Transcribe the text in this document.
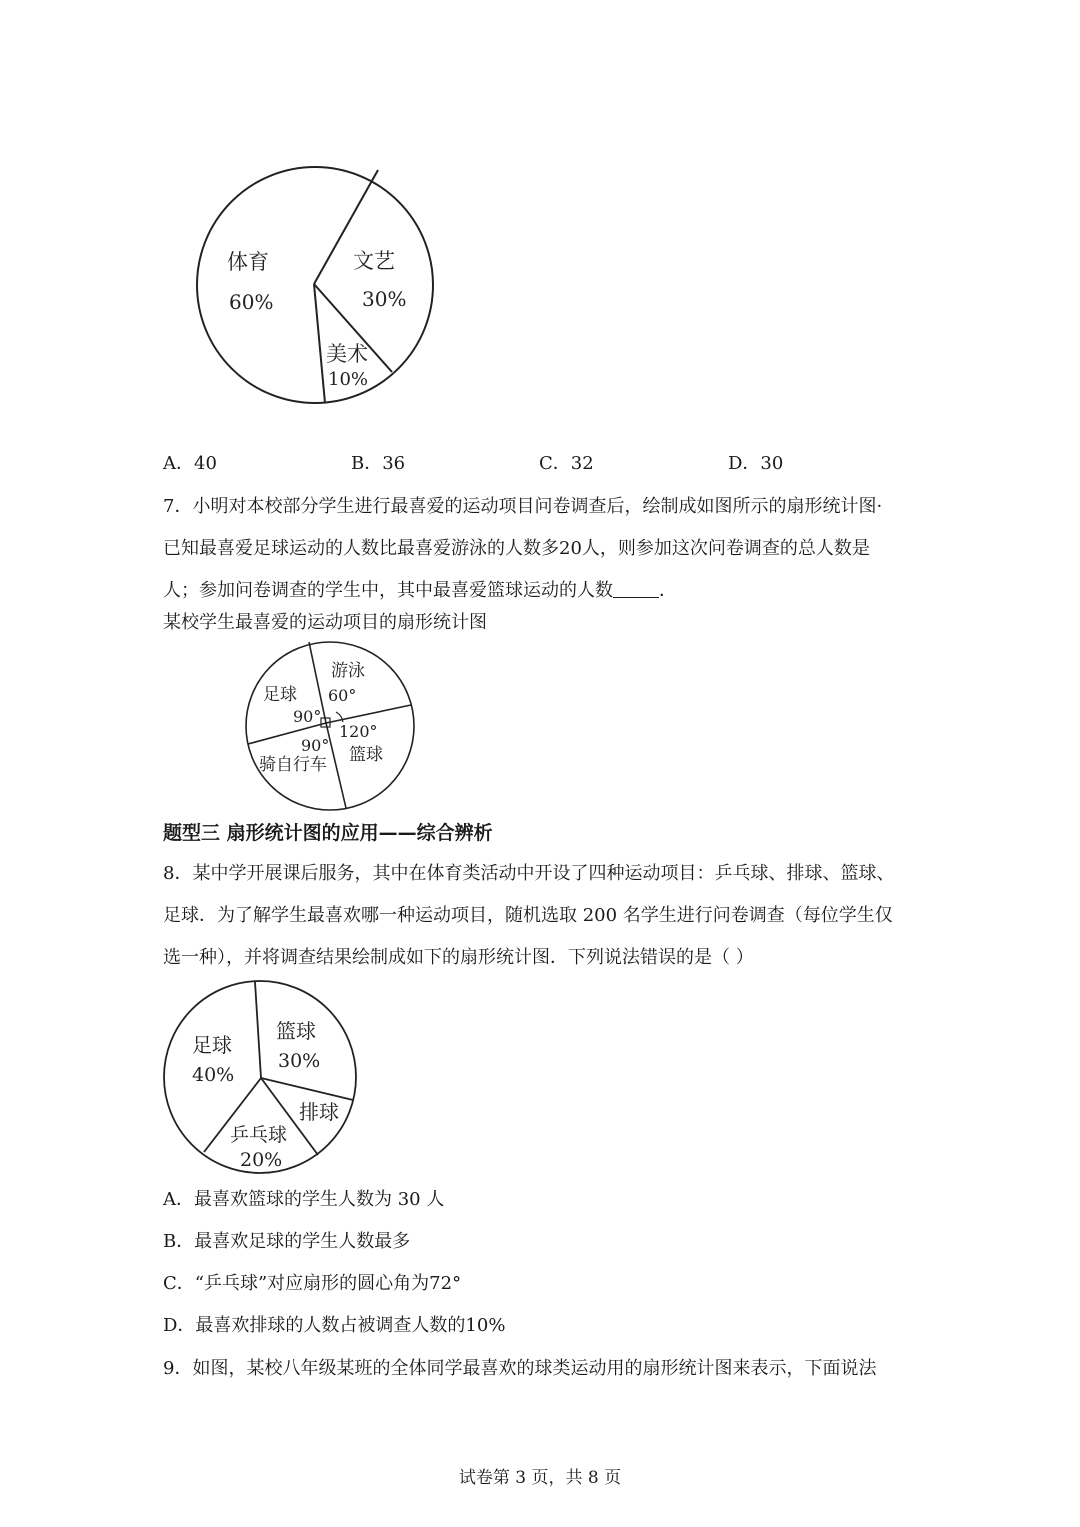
体育
60%
文艺
30%
美术
10%
A．40	B．36	C．32	D．30
7．小明对本校部分学生进行最喜爱的运动项目问卷调查后，绘制成如图所示的扇形统计图·
已知最喜爱足球运动的人数比最喜爱游泳的人数多20人，则参加这次问卷调查的总人数是
人；参加问卷调查的学生中，其中最喜爱篮球运动的人数	．
某校学生最喜爱的运动项目的扇形统计图
足球
90°
游泳
60°
120°
篮球
90°
骑自行车
题型三 扇形统计图的应用——综合辨析
8．某中学开展课后服务，其中在体育类活动中开设了四种运动项目：乒乓球、排球、篮球、
足球．为了解学生最喜欢哪一种运动项目，随机选取 200 名学生进行问卷调查（每位学生仅
选一种），并将调查结果绘制成如下的扇形统计图．下列说法错误的是（ ）
足球
40%
篮球
30%
排球
乒乓球
20%
A．最喜欢篮球的学生人数为 30 人
B．最喜欢足球的学生人数最多
C．“乒乓球”对应扇形的圆心角为72°
D．最喜欢排球的人数占被调查人数的10%
9．如图，某校八年级某班的全体同学最喜欢的球类运动用的扇形统计图来表示，下面说法
试卷第 3 页，共 8 页
